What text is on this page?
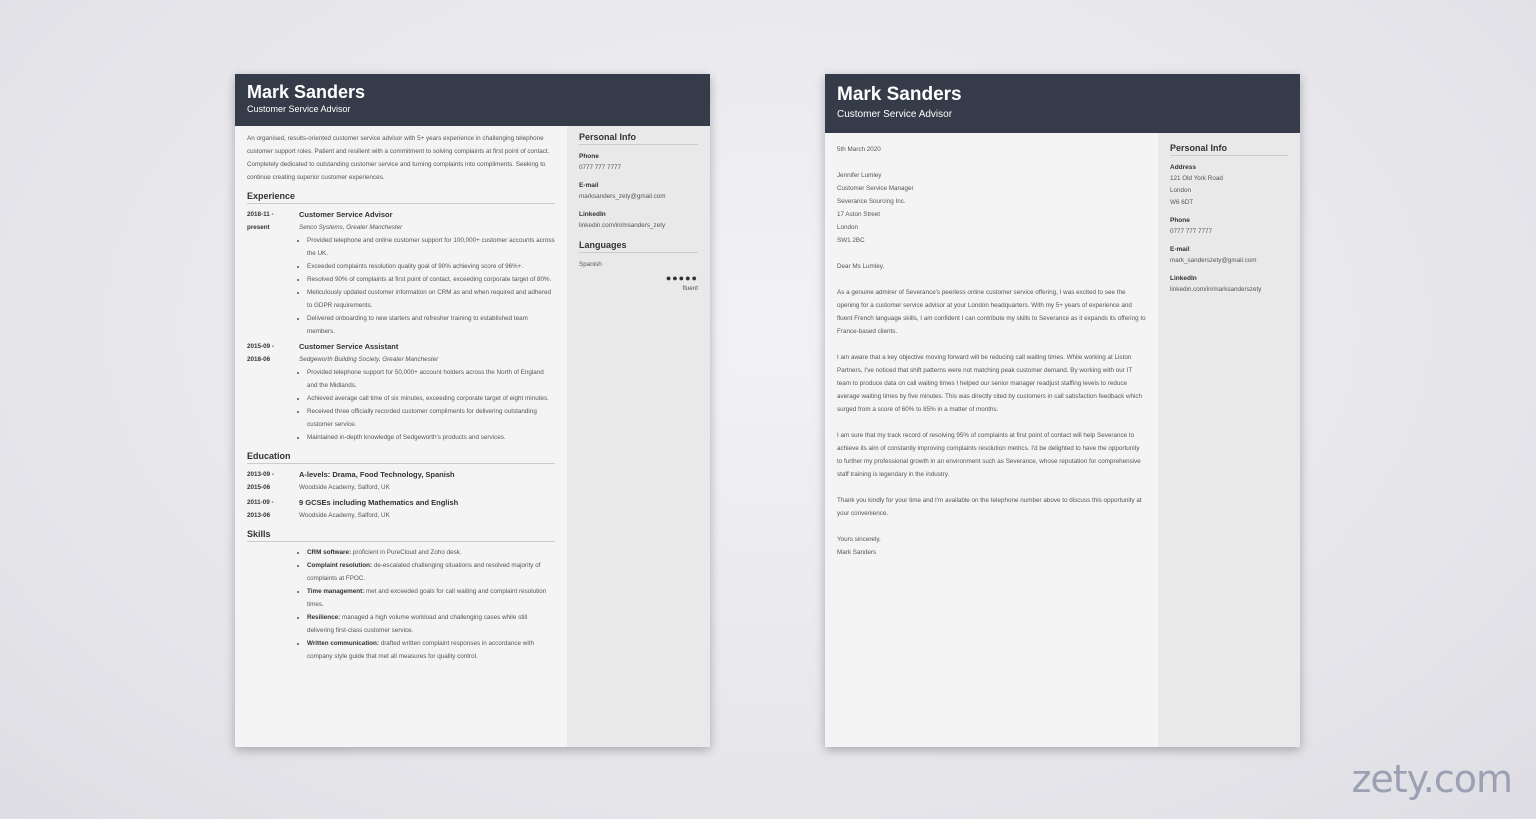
Mark Sanders
Customer Service Advisor

An organised, results-oriented customer service advisor with 5+ years experience in challenging telephone customer support roles. Patient and resilient with a commitment to solving complaints at first point of contact. Completely dedicated to outstanding customer service and turning complaints into compliments. Seeking to continue creating superior customer experiences.

Experience
2018-11 -
present
Customer Service Advisor
Senco Systems, Greater Manchester
• Provided telephone and online customer support for 100,000+ customer accounts across the UK.
• Exceeded complaints resolution quality goal of 90% achieving score of 96%+.
• Resolved 90% of complaints at first point of contact, exceeding corporate target of 80%.
• Meticulously updated customer information on CRM as and when required and adhered to GDPR requirements.
• Delivered onboarding to new starters and refresher training to established team members.
2015-09 -
2018-06
Customer Service Assistant
Sedgeworth Building Society, Greater Manchester
• Provided telephone support for 50,000+ account holders across the North of England and the Midlands.
• Achieved average call time of six minutes, exceeding corporate target of eight minutes.
• Received three officially recorded customer compliments for delivering outstanding customer service.
• Maintained in-depth knowledge of Sedgeworth's products and services.
Education
2013-09 -
2015-06
A-levels: Drama, Food Technology, Spanish
Woodside Academy, Salford, UK
2011-09 -
2013-06
9 GCSEs including Mathematics and English
Woodside Academy, Salford, UK
Skills
• CRM software: proficient in PureCloud and Zoho desk.
• Complaint resolution: de-escalated challenging situations and resolved majority of complaints at FPOC.
• Time management: met and exceeded goals for call waiting and complaint resolution times.
• Resilience: managed a high volume workload and challenging cases while still delivering first-class customer service.
• Written communication: drafted written complaint responses in accordance with company style guide that met all measures for quality control.
Personal Info
Phone
0777 777 7777
E-mail
marksanders_zety@gmail.com
LinkedIn
linkedin.com/in/msanders_zety
Languages
Spanish
●●●●●
fluent
Mark Sanders
Customer Service Advisor

5th March 2020

Jennifer Lumley
Customer Service Manager
Severance Sourcing Inc.
17 Aston Street
London
SW1 2BC

Dear Ms Lumley,

As a genuine admirer of Severance's peerless online customer service offering, I was excited to see the opening for a customer service advisor at your London headquarters. With my 5+ years of experience and fluent French language skills, I am confident I can contribute my skills to Severance as it expands its offering to France-based clients.

I am aware that a key objective moving forward will be reducing call waiting times. While working at Liston Partners, I've noticed that shift patterns were not matching peak customer demand. By working with our IT team to produce data on call waiting times I helped our senior manager readjust staffing levels to reduce average waiting times by five minutes. This was directly cited by customers in call satisfaction feedback which surged from a score of 60% to 85% in a matter of months.

I am sure that my track record of resolving 95% of complaints at first point of contact will help Severance to achieve its aim of constantly improving complaints resolution metrics. I'd be delighted to have the opportunity to further my professional growth in an environment such as Severance, whose reputation for comprehensive staff training is legendary in the industry.

Thank you kindly for your time and I'm available on the telephone number above to discuss this opportunity at your convenience.

Yours sincerely,
Mark Sanders
Personal Info
Address
121 Old York Road
London
W6 6DT
Phone
0777 777 7777
E-mail
mark_sanderszety@gmail.com
LinkedIn
linkedin.com/in/marksanderszety
zety.com
